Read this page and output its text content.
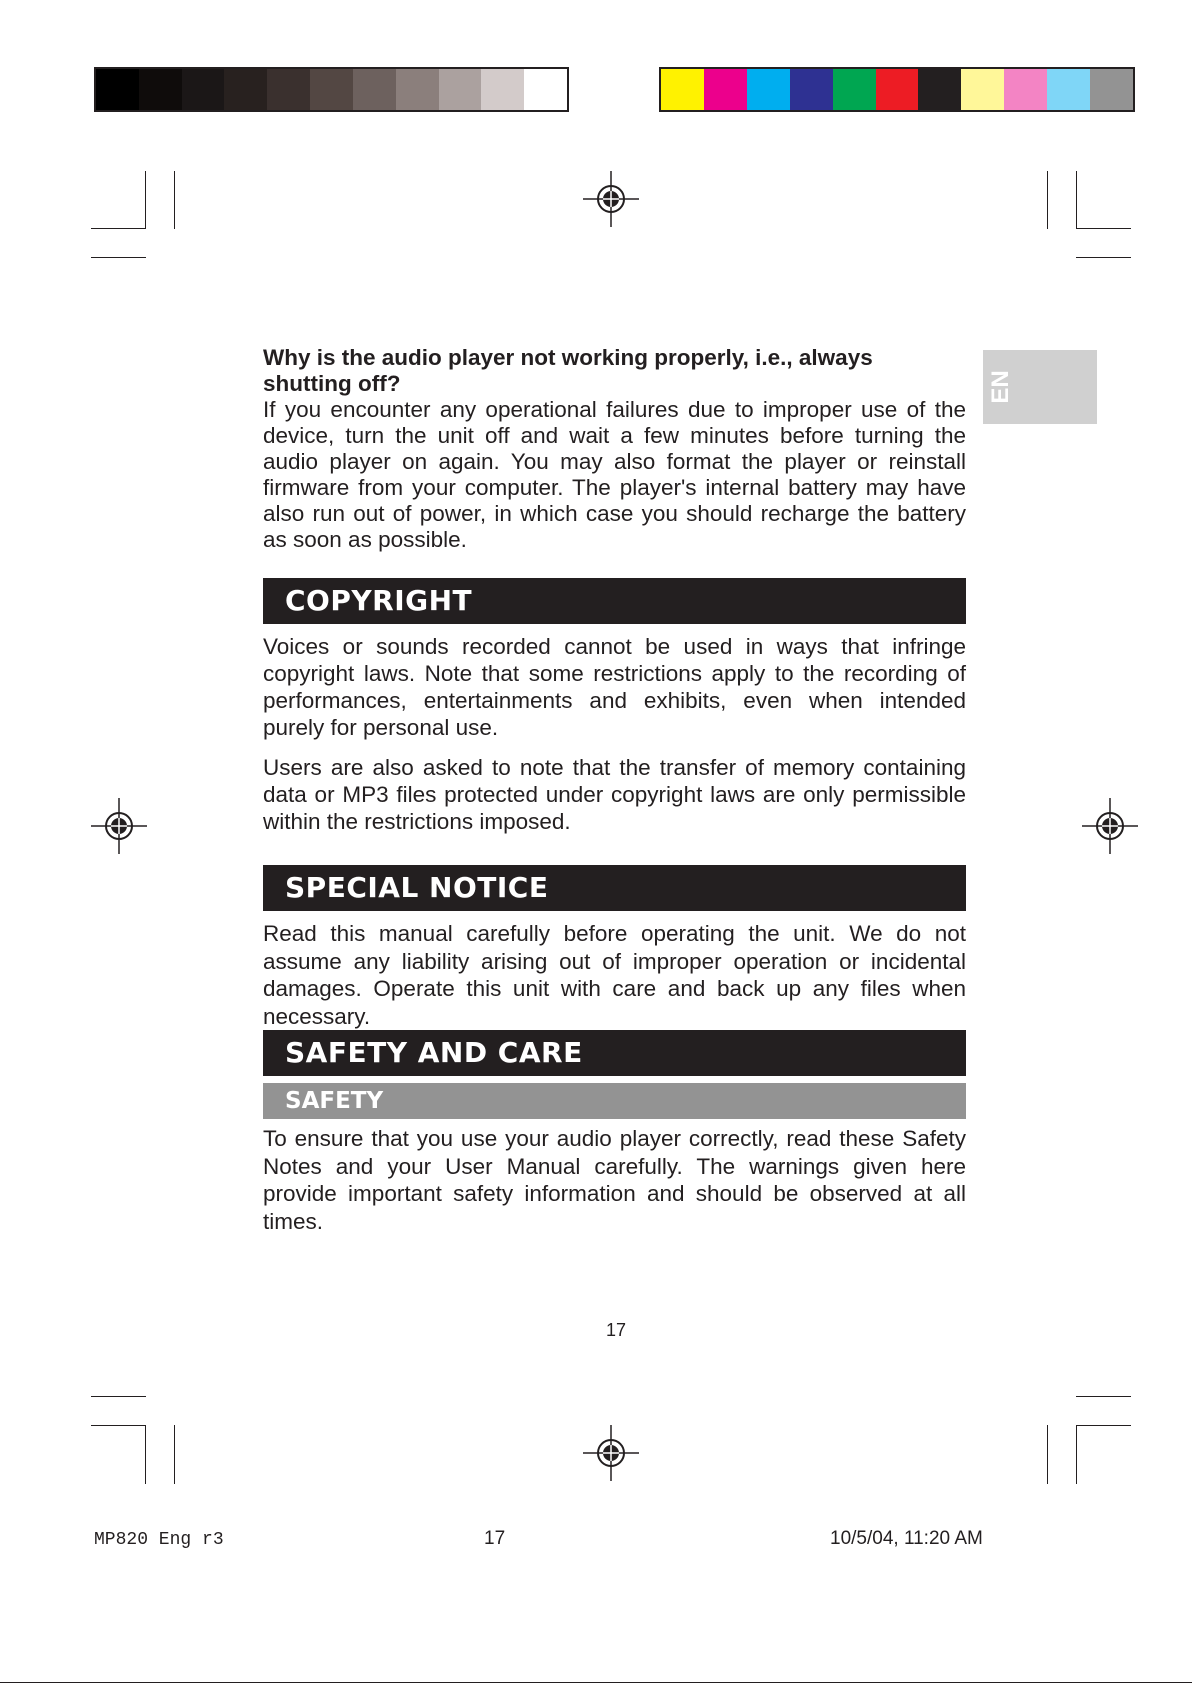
EN
Why is the audio player not working properly, i.e., always shutting off?

If you encounter any operational failures due to improper use of the device, turn the unit off and wait a few minutes before turning the audio player on again. You may also format the player or reinstall firmware from your computer. The player's internal battery may have also run out of power, in which case you should recharge the battery as soon as possible.

COPYRIGHT

Voices or sounds recorded cannot be used in ways that infringe copyright laws. Note that some restrictions apply to the recording of performances, entertainments and exhibits, even when intended purely for personal use.

Users are also asked to note that the transfer of memory containing data or MP3 files protected under copyright laws are only permissible within the restrictions imposed.

SPECIAL NOTICE

Read this manual carefully before operating the unit. We do not assume any liability arising out of improper operation or incidental damages. Operate this unit with care and back up any files when necessary.

SAFETY AND CARE
SAFETY

To ensure that you use your audio player correctly, read these Safety Notes and your User Manual carefully. The warnings given here provide important safety information and should be observed at all times.

17
MP820 Eng r3	17	10/5/04, 11:20 AM
